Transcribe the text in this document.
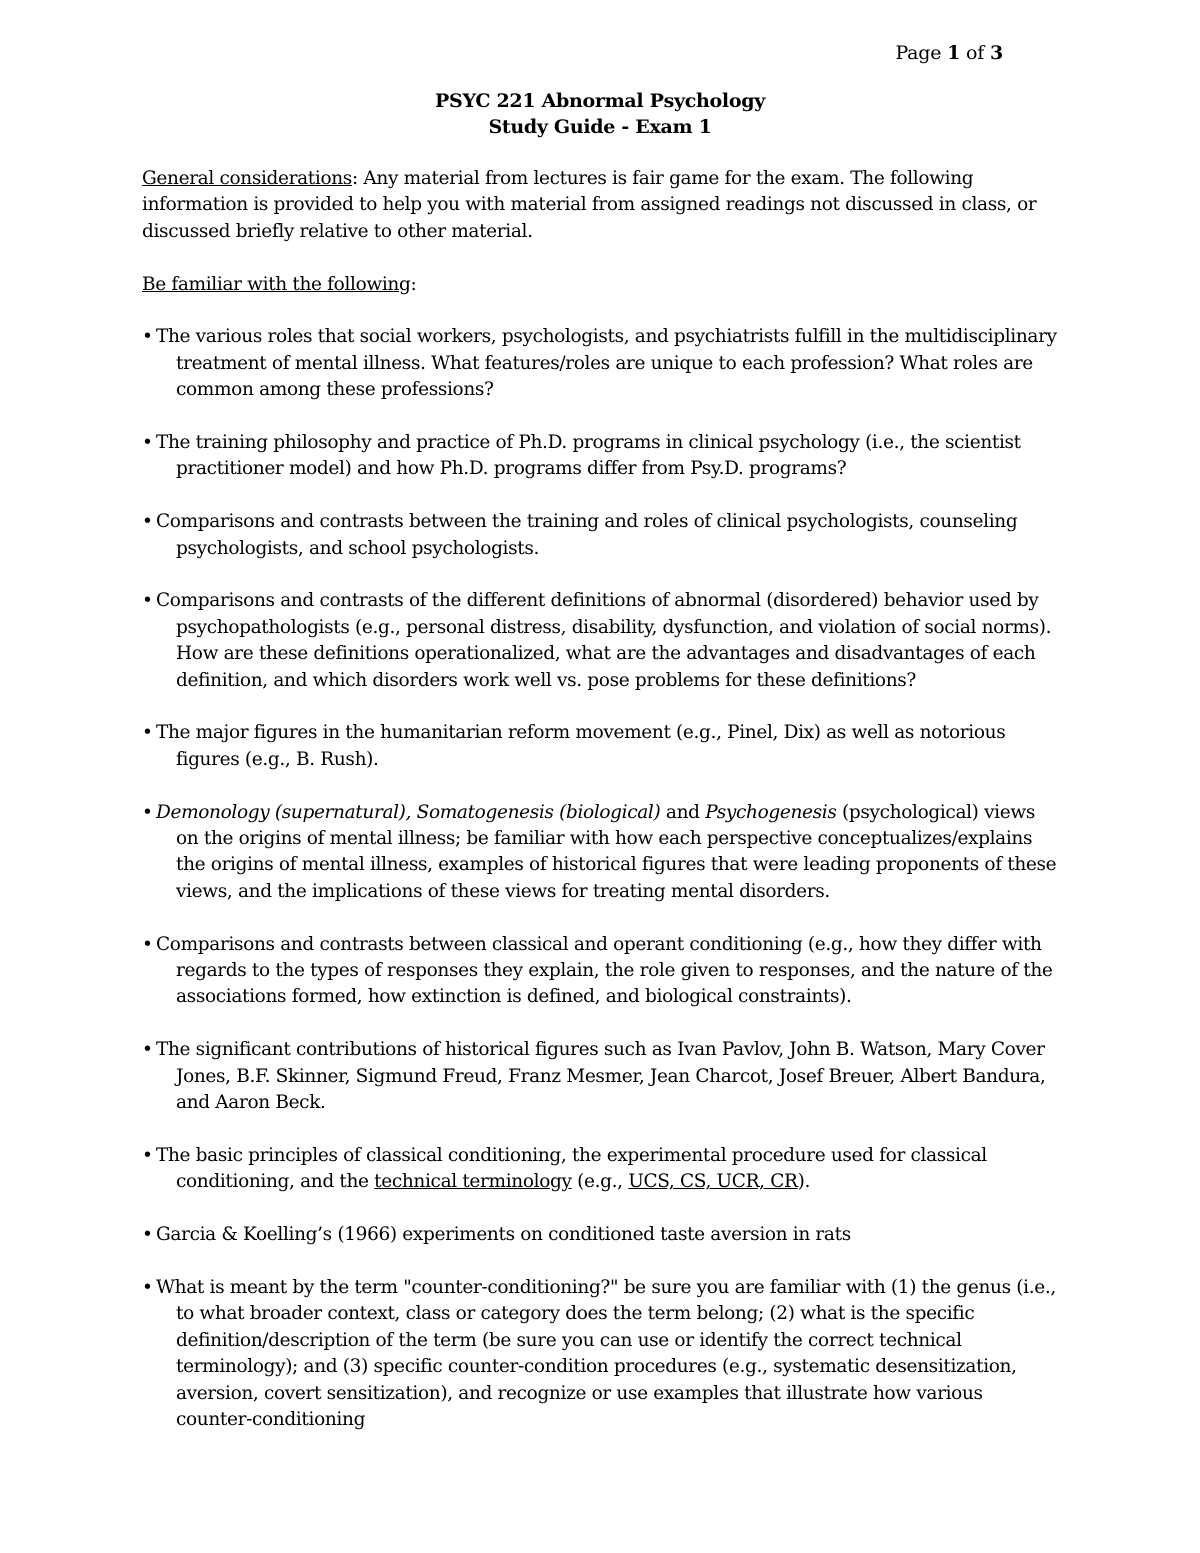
Page 1 of 3
PSYC 221 Abnormal Psychology
Study Guide - Exam 1

General considerations: Any material from lectures is fair game for the exam. The following information is provided to help you with material from assigned readings not discussed in class, or discussed briefly relative to other material.

Be familiar with the following:

• The various roles that social workers, psychologists, and psychiatrists fulfill in the multidisciplinary treatment of mental illness. What features/roles are unique to each profession? What roles are common among these professions?

• The training philosophy and practice of Ph.D. programs in clinical psychology (i.e., the scientist practitioner model) and how Ph.D. programs differ from Psy.D. programs?

• Comparisons and contrasts between the training and roles of clinical psychologists, counseling psychologists, and school psychologists.

• Comparisons and contrasts of the different definitions of abnormal (disordered) behavior used by psychopathologists (e.g., personal distress, disability, dysfunction, and violation of social norms). How are these definitions operationalized, what are the advantages and disadvantages of each definition, and which disorders work well vs. pose problems for these definitions?

• The major figures in the humanitarian reform movement (e.g., Pinel, Dix) as well as notorious figures (e.g., B. Rush).

• Demonology (supernatural), Somatogenesis (biological) and Psychogenesis (psychological) views on the origins of mental illness; be familiar with how each perspective conceptualizes/explains the origins of mental illness, examples of historical figures that were leading proponents of these views, and the implications of these views for treating mental disorders.

• Comparisons and contrasts between classical and operant conditioning (e.g., how they differ with regards to the types of responses they explain, the role given to responses, and the nature of the associations formed, how extinction is defined, and biological constraints).

• The significant contributions of historical figures such as Ivan Pavlov, John B. Watson, Mary Cover Jones, B.F. Skinner, Sigmund Freud, Franz Mesmer, Jean Charcot, Josef Breuer, Albert Bandura, and Aaron Beck.

• The basic principles of classical conditioning, the experimental procedure used for classical conditioning, and the technical terminology (e.g., UCS, CS, UCR, CR).

• Garcia & Koelling’s (1966) experiments on conditioned taste aversion in rats

• What is meant by the term "counter-conditioning?" be sure you are familiar with (1) the genus (i.e., to what broader context, class or category does the term belong; (2) what is the specific definition/description of the term (be sure you can use or identify the correct technical terminology); and (3) specific counter-condition procedures (e.g., systematic desensitization, aversion, covert sensitization), and recognize or use examples that illustrate how various counter-conditioning
